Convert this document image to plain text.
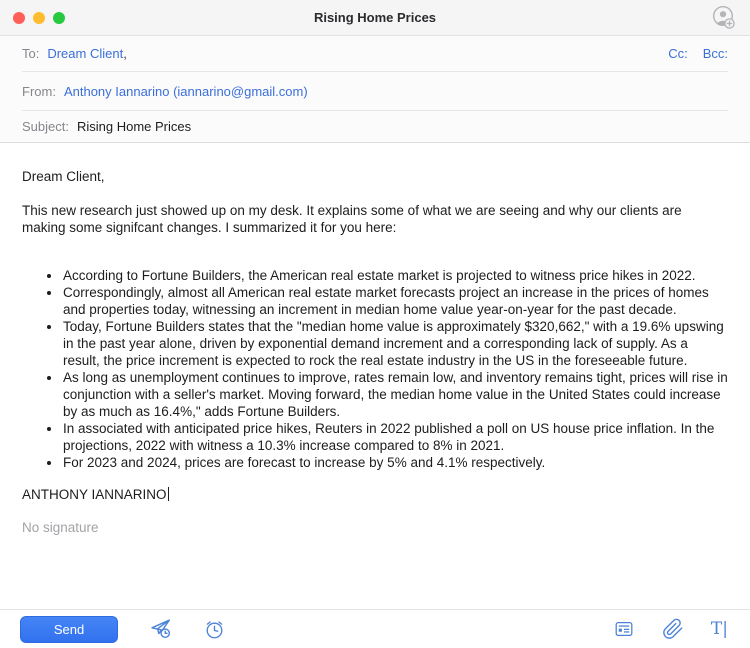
Rising Home Prices
To: Dream Client ,	Cc: Bcc:
From: Anthony Iannarino (iannarino@gmail.com)
Subject: Rising Home Prices

Dream Client,

This new research just showed up on my desk. It explains some of what we are seeing and why our clients are making some signifcant changes. I summarized it for you here:

• According to Fortune Builders, the American real estate market is projected to witness price hikes in 2022.
• Correspondingly, almost all American real estate market forecasts project an increase in the prices of homes and properties today, witnessing an increment in median home value year-on-year for the past decade.
• Today, Fortune Builders states that the "median home value is approximately $320,662," with a 19.6% upswing in the past year alone, driven by exponential demand increment and a corresponding lack of supply. As a result, the price increment is expected to rock the real estate industry in the US in the foreseeable future.
• As long as unemployment continues to improve, rates remain low, and inventory remains tight, prices will rise in conjunction with a seller's market. Moving forward, the median home value in the United States could increase by as much as 16.4%," adds Fortune Builders.
• In associated with anticipated price hikes, Reuters in 2022 published a poll on US house price inflation. In the projections, 2022 with witness a 10.3% increase compared to 8% in 2021.
• For 2023 and 2024, prices are forecast to increase by 5% and 4.1% respectively.

ANTHONY IANNARINO

No signature

Send	T|
